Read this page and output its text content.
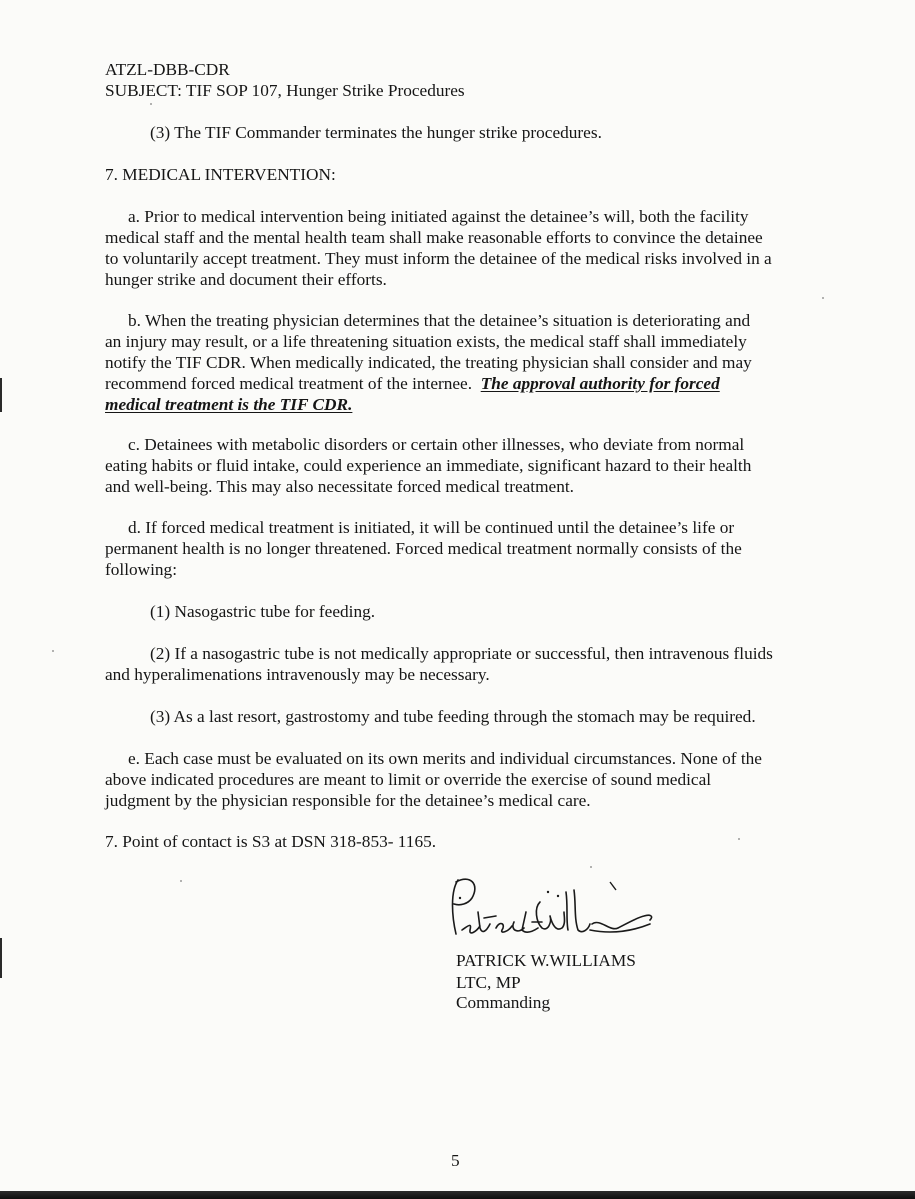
ATZL-DBB-CDR

SUBJECT: TIF SOP 107, Hunger Strike Procedures

(3) The TIF Commander terminates the hunger strike procedures.

7. MEDICAL INTERVENTION:

a. Prior to medical intervention being initiated against the detainee’s will, both the facility

medical staff and the mental health team shall make reasonable efforts to convince the detainee

to voluntarily accept treatment. They must inform the detainee of the medical risks involved in a

hunger strike and document their efforts.

b. When the treating physician determines that the detainee’s situation is deteriorating and

an injury may result, or a life threatening situation exists, the medical staff shall immediately

notify the TIF CDR. When medically indicated, the treating physician shall consider and may

recommend forced medical treatment of the internee.  The approval authority for forced

medical treatment is the TIF CDR.

c. Detainees with metabolic disorders or certain other illnesses, who deviate from normal

eating habits or fluid intake, could experience an immediate, significant hazard to their health

and well-being. This may also necessitate forced medical treatment.

d. If forced medical treatment is initiated, it will be continued until the detainee’s life or

permanent health is no longer threatened. Forced medical treatment normally consists of the

following:

(1) Nasogastric tube for feeding.

(2) If a nasogastric tube is not medically appropriate or successful, then intravenous fluids

and hyperalimenations intravenously may be necessary.

(3) As a last resort, gastrostomy and tube feeding through the stomach may be required.

e. Each case must be evaluated on its own merits and individual circumstances. None of the

above indicated procedures are meant to limit or override the exercise of sound medical

judgment by the physician responsible for the detainee’s medical care.

7. Point of contact is S3 at DSN 318-853- 1165.

PATRICK W.WILLIAMS

LTC, MP

Commanding

5
